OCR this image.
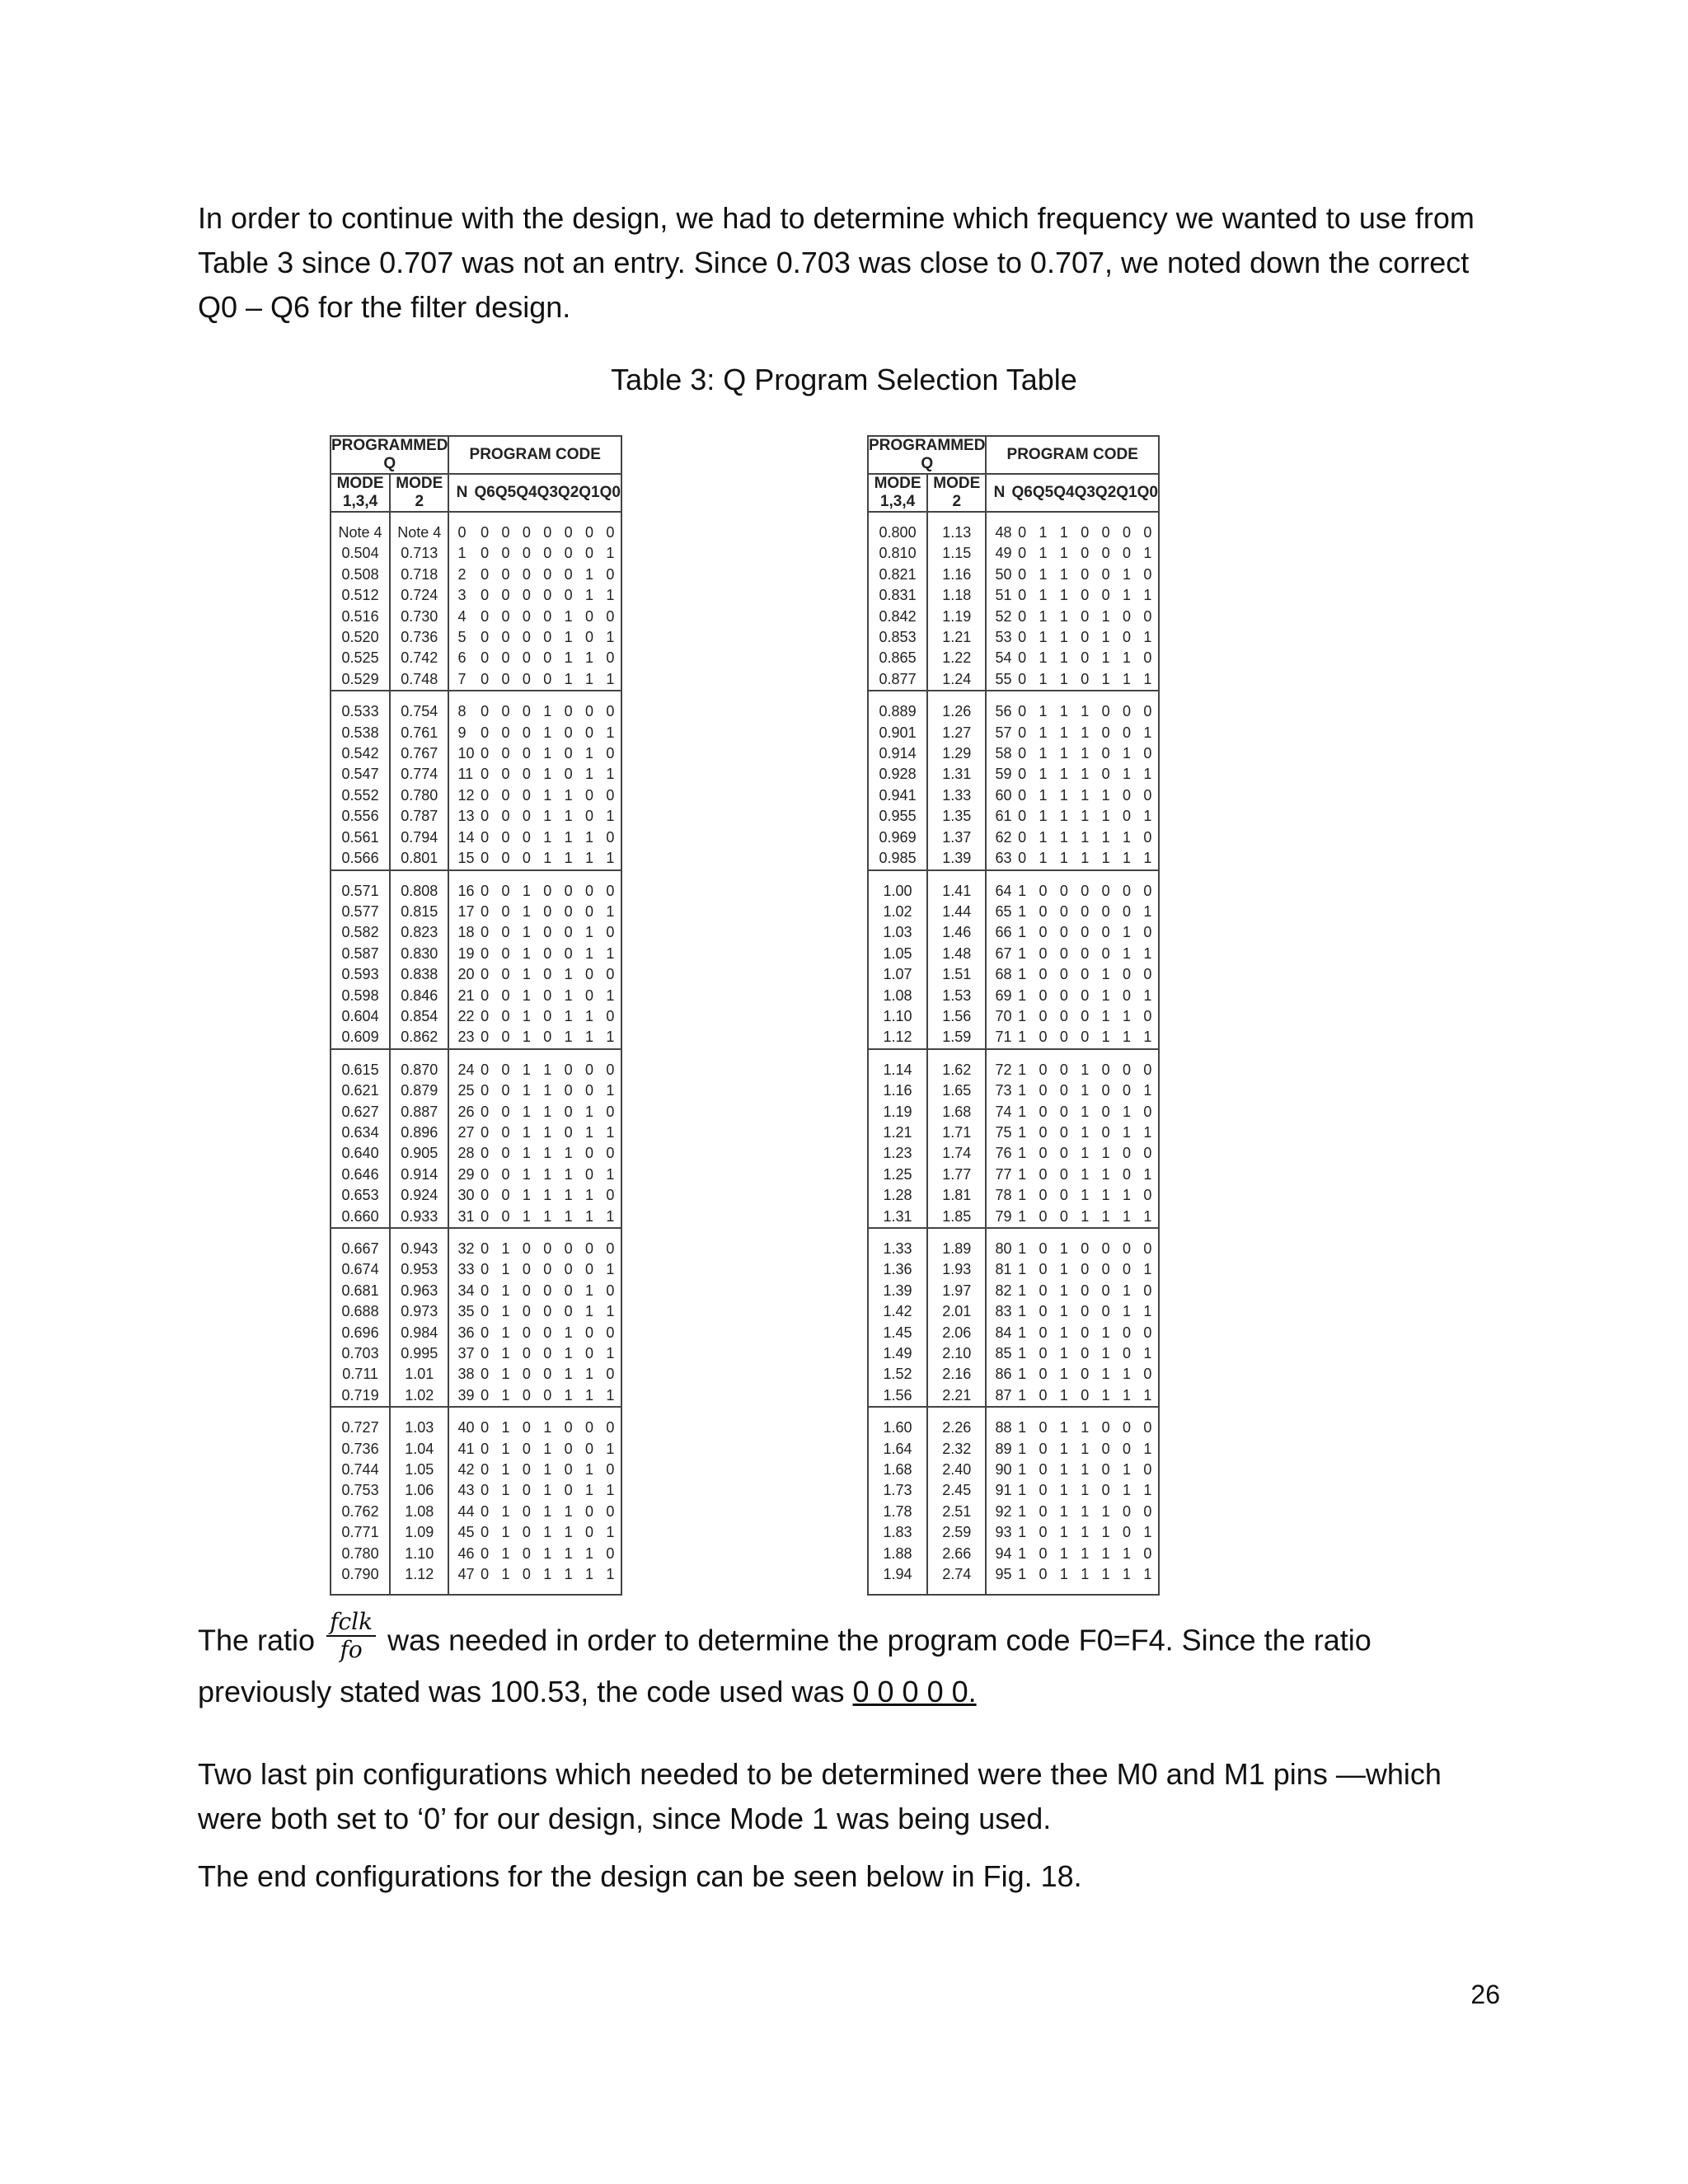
In order to continue with the design, we had to determine which frequency we wanted to use from Table 3 since 0.707 was not an entry. Since 0.703 was close to 0.707, we noted down the correct Q0 – Q6 for the filter design.

Table 3: Q Program Selection Table
PROGRAMMED Q		PROGRAM CODE							
MODE 1,3,4	MODE 2	N	Q6	Q5	Q4	Q3	Q2	Q1	Q0
Note 4	Note 4	0	0	0	0	0	0	0	0
0.504	0.713	1	0	0	0	0	0	0	1
0.508	0.718	2	0	0	0	0	0	1	0
0.512	0.724	3	0	0	0	0	0	1	1
0.516	0.730	4	0	0	0	0	1	0	0
0.520	0.736	5	0	0	0	0	1	0	1
0.525	0.742	6	0	0	0	0	1	1	0
0.529	0.748	7	0	0	0	0	1	1	1
0.533	0.754	8	0	0	0	1	0	0	0
0.538	0.761	9	0	0	0	1	0	0	1
0.542	0.767	10	0	0	0	1	0	1	0
0.547	0.774	11	0	0	0	1	0	1	1
0.552	0.780	12	0	0	0	1	1	0	0
0.556	0.787	13	0	0	0	1	1	0	1
0.561	0.794	14	0	0	0	1	1	1	0
0.566	0.801	15	0	0	0	1	1	1	1
0.571	0.808	16	0	0	1	0	0	0	0
0.577	0.815	17	0	0	1	0	0	0	1
0.582	0.823	18	0	0	1	0	0	1	0
0.587	0.830	19	0	0	1	0	0	1	1
0.593	0.838	20	0	0	1	0	1	0	0
0.598	0.846	21	0	0	1	0	1	0	1
0.604	0.854	22	0	0	1	0	1	1	0
0.609	0.862	23	0	0	1	0	1	1	1
0.615	0.870	24	0	0	1	1	0	0	0
0.621	0.879	25	0	0	1	1	0	0	1
0.627	0.887	26	0	0	1	1	0	1	0
0.634	0.896	27	0	0	1	1	0	1	1
0.640	0.905	28	0	0	1	1	1	0	0
0.646	0.914	29	0	0	1	1	1	0	1
0.653	0.924	30	0	0	1	1	1	1	0
0.660	0.933	31	0	0	1	1	1	1	1
0.667	0.943	32	0	1	0	0	0	0	0
0.674	0.953	33	0	1	0	0	0	0	1
0.681	0.963	34	0	1	0	0	0	1	0
0.688	0.973	35	0	1	0	0	0	1	1
0.696	0.984	36	0	1	0	0	1	0	0
0.703	0.995	37	0	1	0	0	1	0	1
0.711	1.01	38	0	1	0	0	1	1	0
0.719	1.02	39	0	1	0	0	1	1	1
0.727	1.03	40	0	1	0	1	0	0	0
0.736	1.04	41	0	1	0	1	0	0	1
0.744	1.05	42	0	1	0	1	0	1	0
0.753	1.06	43	0	1	0	1	0	1	1
0.762	1.08	44	0	1	0	1	1	0	0
0.771	1.09	45	0	1	0	1	1	0	1
0.780	1.10	46	0	1	0	1	1	1	0
0.790	1.12	47	0	1	0	1	1	1	1
PROGRAMMED Q		PROGRAM CODE							
MODE 1,3,4	MODE 2	N	Q6	Q5	Q4	Q3	Q2	Q1	Q0
0.800	1.13	48	0	1	1	0	0	0	0
0.810	1.15	49	0	1	1	0	0	0	1
0.821	1.16	50	0	1	1	0	0	1	0
0.831	1.18	51	0	1	1	0	0	1	1
0.842	1.19	52	0	1	1	0	1	0	0
0.853	1.21	53	0	1	1	0	1	0	1
0.865	1.22	54	0	1	1	0	1	1	0
0.877	1.24	55	0	1	1	0	1	1	1
0.889	1.26	56	0	1	1	1	0	0	0
0.901	1.27	57	0	1	1	1	0	0	1
0.914	1.29	58	0	1	1	1	0	1	0
0.928	1.31	59	0	1	1	1	0	1	1
0.941	1.33	60	0	1	1	1	1	0	0
0.955	1.35	61	0	1	1	1	1	0	1
0.969	1.37	62	0	1	1	1	1	1	0
0.985	1.39	63	0	1	1	1	1	1	1
1.00	1.41	64	1	0	0	0	0	0	0
1.02	1.44	65	1	0	0	0	0	0	1
1.03	1.46	66	1	0	0	0	0	1	0
1.05	1.48	67	1	0	0	0	0	1	1
1.07	1.51	68	1	0	0	0	1	0	0
1.08	1.53	69	1	0	0	0	1	0	1
1.10	1.56	70	1	0	0	0	1	1	0
1.12	1.59	71	1	0	0	0	1	1	1
1.14	1.62	72	1	0	0	1	0	0	0
1.16	1.65	73	1	0	0	1	0	0	1
1.19	1.68	74	1	0	0	1	0	1	0
1.21	1.71	75	1	0	0	1	0	1	1
1.23	1.74	76	1	0	0	1	1	0	0
1.25	1.77	77	1	0	0	1	1	0	1
1.28	1.81	78	1	0	0	1	1	1	0
1.31	1.85	79	1	0	0	1	1	1	1
1.33	1.89	80	1	0	1	0	0	0	0
1.36	1.93	81	1	0	1	0	0	0	1
1.39	1.97	82	1	0	1	0	0	1	0
1.42	2.01	83	1	0	1	0	0	1	1
1.45	2.06	84	1	0	1	0	1	0	0
1.49	2.10	85	1	0	1	0	1	0	1
1.52	2.16	86	1	0	1	0	1	1	0
1.56	2.21	87	1	0	1	0	1	1	1
1.60	2.26	88	1	0	1	1	0	0	0
1.64	2.32	89	1	0	1	1	0	0	1
1.68	2.40	90	1	0	1	1	0	1	0
1.73	2.45	91	1	0	1	1	0	1	1
1.78	2.51	92	1	0	1	1	1	0	0
1.83	2.59	93	1	0	1	1	1	0	1
1.88	2.66	94	1	0	1	1	1	1	0
1.94	2.74	95	1	0	1	1	1	1	1

The ratio $\frac{\text{fclk}}{fo}$ was needed in order to determine the program code F0=F4. Since the ratio

previously stated was 100.53, the code used was 0 0 0 0 0.

Two last pin configurations which needed to be determined were thee M0 and M1 pins —which were both set to ‘0’ for our design, since Mode 1 was being used.

The end configurations for the design can be seen below in Fig. 18.

26
